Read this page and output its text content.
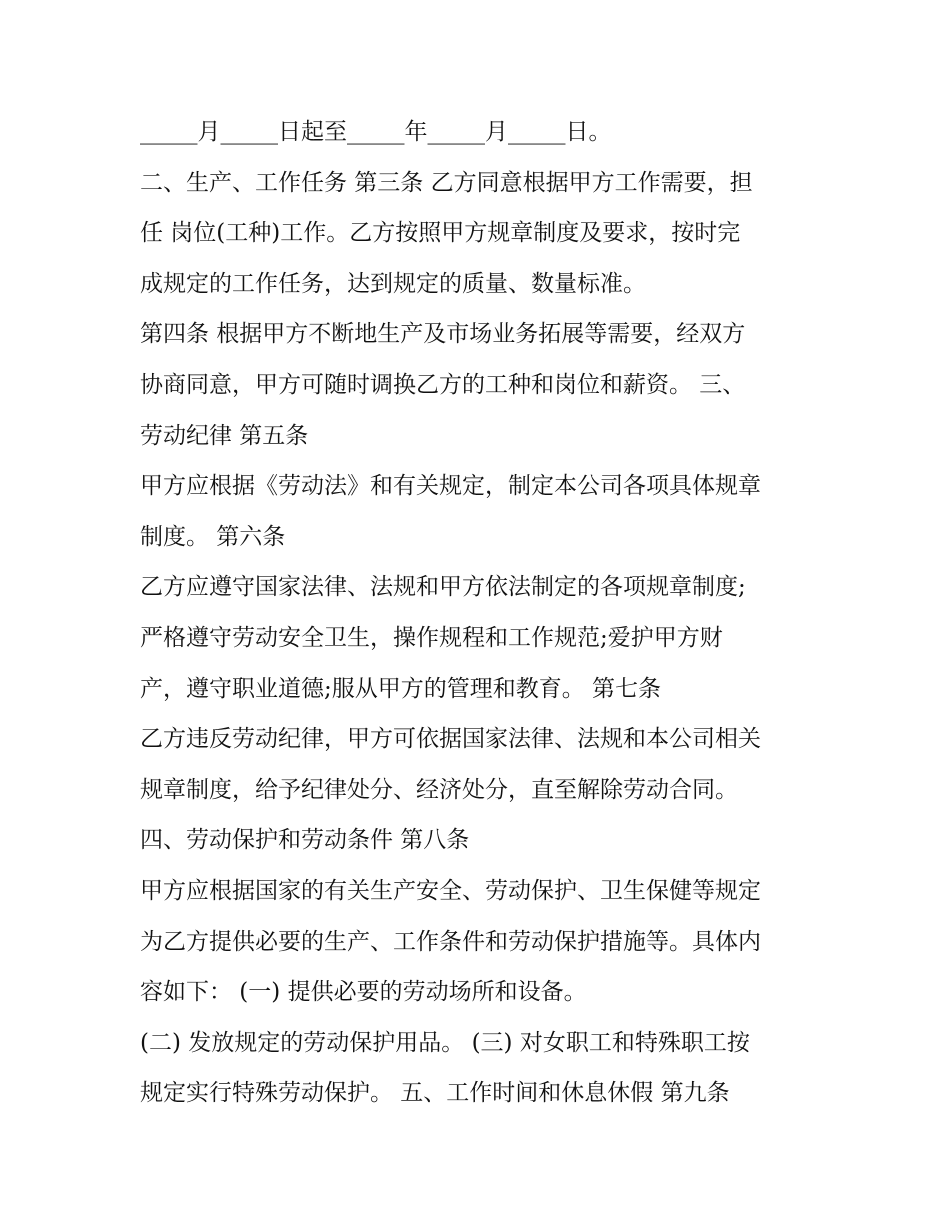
_____月_____日起至_____年_____月_____日。
二、生产、工作任务 第三条 乙方同意根据甲方工作需要，担
任 岗位(工种)工作。乙方按照甲方规章制度及要求，按时完
成规定的工作任务，达到规定的质量、数量标准。
第四条 根据甲方不断地生产及市场业务拓展等需要，经双方
协商同意，甲方可随时调换乙方的工种和岗位和薪资。 三、
劳动纪律 第五条
甲方应根据《劳动法》和有关规定，制定本公司各项具体规章
制度。 第六条
乙方应遵守国家法律、法规和甲方依法制定的各项规章制度;
严格遵守劳动安全卫生，操作规程和工作规范;爱护甲方财
产，遵守职业道德;服从甲方的管理和教育。 第七条
乙方违反劳动纪律，甲方可依据国家法律、法规和本公司相关
规章制度，给予纪律处分、经济处分，直至解除劳动合同。
四、劳动保护和劳动条件 第八条
甲方应根据国家的有关生产安全、劳动保护、卫生保健等规定
为乙方提供必要的生产、工作条件和劳动保护措施等。具体内
容如下： (一) 提供必要的劳动场所和设备。
(二) 发放规定的劳动保护用品。 (三) 对女职工和特殊职工按
规定实行特殊劳动保护。 五、工作时间和休息休假 第九条
